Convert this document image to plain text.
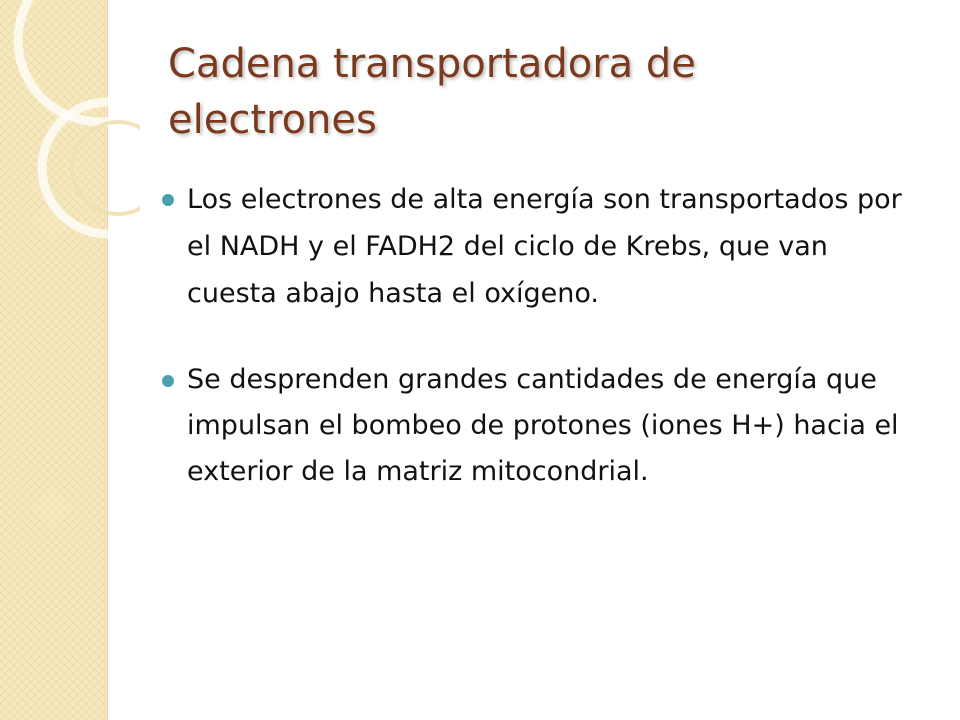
Cadena transportadora de electrones
Los electrones de alta energía son transportados por el NADH y el FADH2 del ciclo de Krebs, que van cuesta abajo hasta el oxígeno.
Se desprenden grandes cantidades de energía que impulsan el bombeo de protones (iones H+) hacia el exterior de la matriz mitocondrial.
